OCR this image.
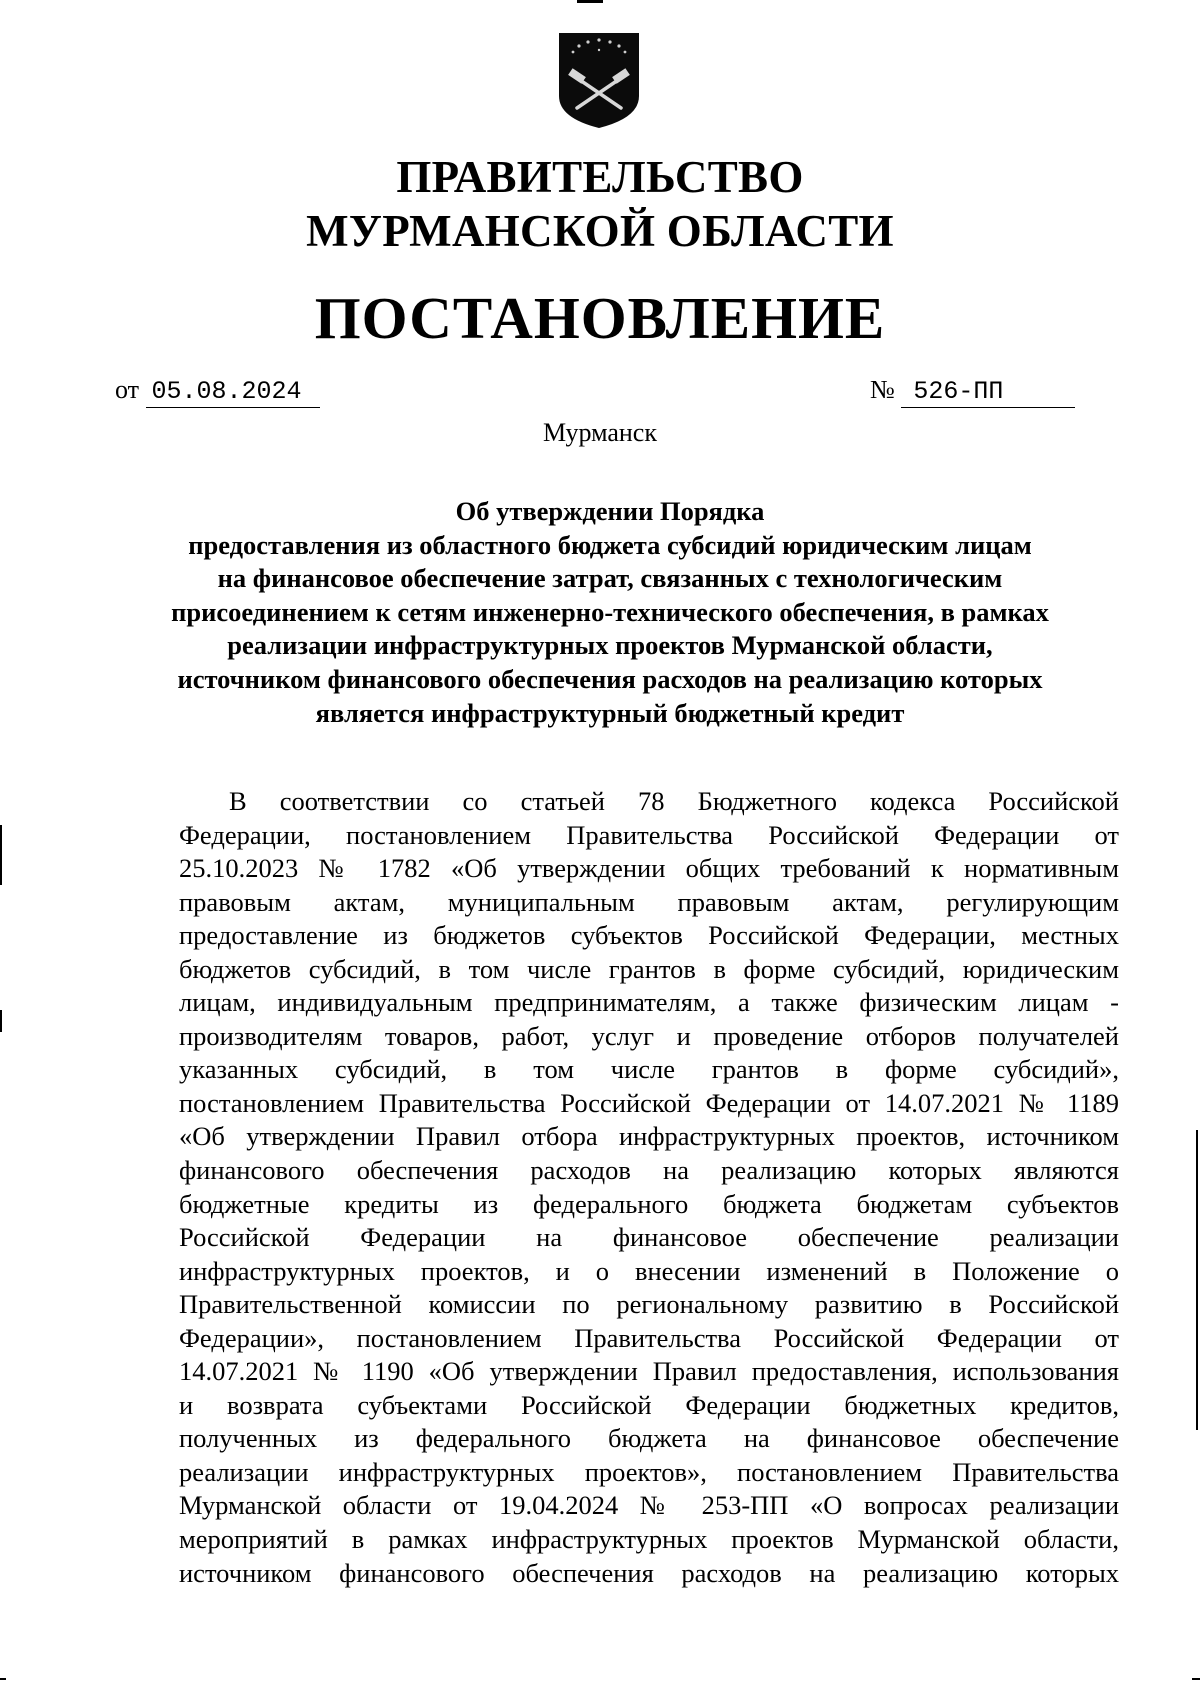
ПРАВИТЕЛЬСТВО
МУРМАНСКОЙ ОБЛАСТИ
ПОСТАНОВЛЕНИЕ
от 05.08.2024	№ 526-ПП
Мурманск
Об утверждении Порядка
предоставления из областного бюджета субсидий юридическим лицам
на финансовое обеспечение затрат, связанных с технологическим
присоединением к сетям инженерно-технического обеспечения, в рамках
реализации инфраструктурных проектов Мурманской области,
источником финансового обеспечения расходов на реализацию которых
является инфраструктурный бюджетный кредит
В соответствии со статьей 78 Бюджетного кодекса Российской
Федерации, постановлением Правительства Российской Федерации от
25.10.2023 № 1782 «Об утверждении общих требований к нормативным
правовым актам, муниципальным правовым актам, регулирующим
предоставление из бюджетов субъектов Российской Федерации, местных
бюджетов субсидий, в том числе грантов в форме субсидий, юридическим
лицам, индивидуальным предпринимателям, а также физическим лицам -
производителям товаров, работ, услуг и проведение отборов получателей
указанных субсидий, в том числе грантов в форме субсидий»,
постановлением Правительства Российской Федерации от 14.07.2021 № 1189
«Об утверждении Правил отбора инфраструктурных проектов, источником
финансового обеспечения расходов на реализацию которых являются
бюджетные кредиты из федерального бюджета бюджетам субъектов
Российской Федерации на финансовое обеспечение реализации
инфраструктурных проектов, и о внесении изменений в Положение о
Правительственной комиссии по региональному развитию в Российской
Федерации», постановлением Правительства Российской Федерации от
14.07.2021 № 1190 «Об утверждении Правил предоставления, использования
и возврата субъектами Российской Федерации бюджетных кредитов,
полученных из федерального бюджета на финансовое обеспечение
реализации инфраструктурных проектов», постановлением Правительства
Мурманской области от 19.04.2024 № 253-ПП «О вопросах реализации
мероприятий в рамках инфраструктурных проектов Мурманской области,
источником финансового обеспечения расходов на реализацию которых
